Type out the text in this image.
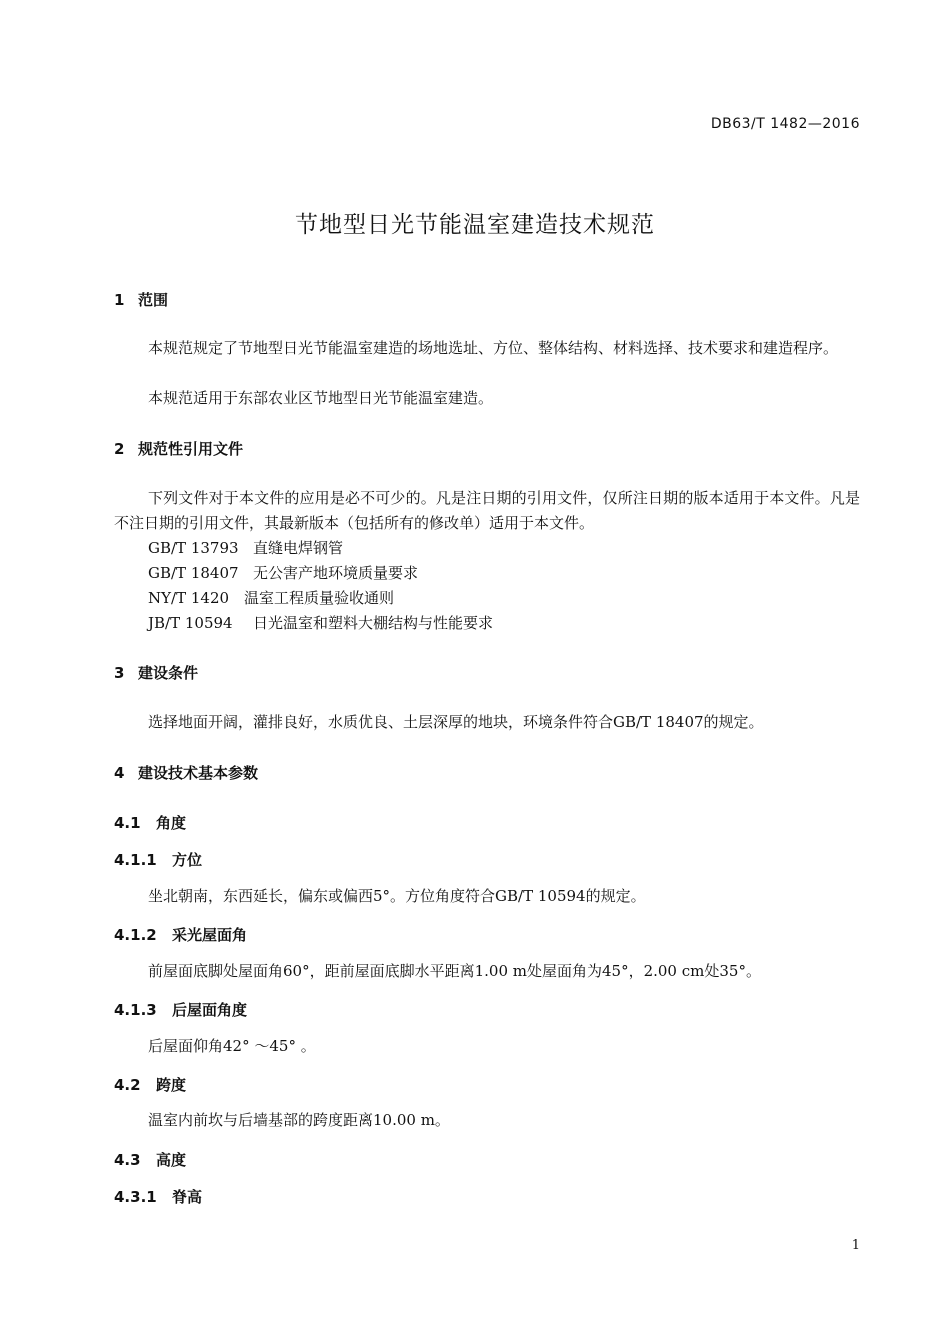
DB63/T 1482—2016
节地型日光节能温室建造技术规范
1 范围
本规范规定了节地型日光节能温室建造的场地选址、方位、整体结构、材料选择、技术要求和建造程序。
本规范适用于东部农业区节地型日光节能温室建造。
2 规范性引用文件
下列文件对于本文件的应用是必不可少的。凡是注日期的引用文件，仅所注日期的版本适用于本文件。凡是不注日期的引用文件，其最新版本（包括所有的修改单）适用于本文件。
GB/T 13793 直缝电焊钢管
GB/T 18407 无公害产地环境质量要求
NY/T 1420 温室工程质量验收通则
JB/T 10594 日光温室和塑料大棚结构与性能要求
3 建设条件
选择地面开阔，灌排良好，水质优良、土层深厚的地块，环境条件符合GB/T 18407的规定。
4 建设技术基本参数
4.1 角度
4.1.1 方位
坐北朝南，东西延长，偏东或偏西5°。方位角度符合GB/T 10594的规定。
4.1.2 采光屋面角
前屋面底脚处屋面角60°，距前屋面底脚水平距离1.00 m处屋面角为45°，2.00 cm处35°。
4.1.3 后屋面角度
后屋面仰角42° ～45° 。
4.2 跨度
温室内前坎与后墙基部的跨度距离10.00 m。
4.3 高度
4.3.1 脊高
1
